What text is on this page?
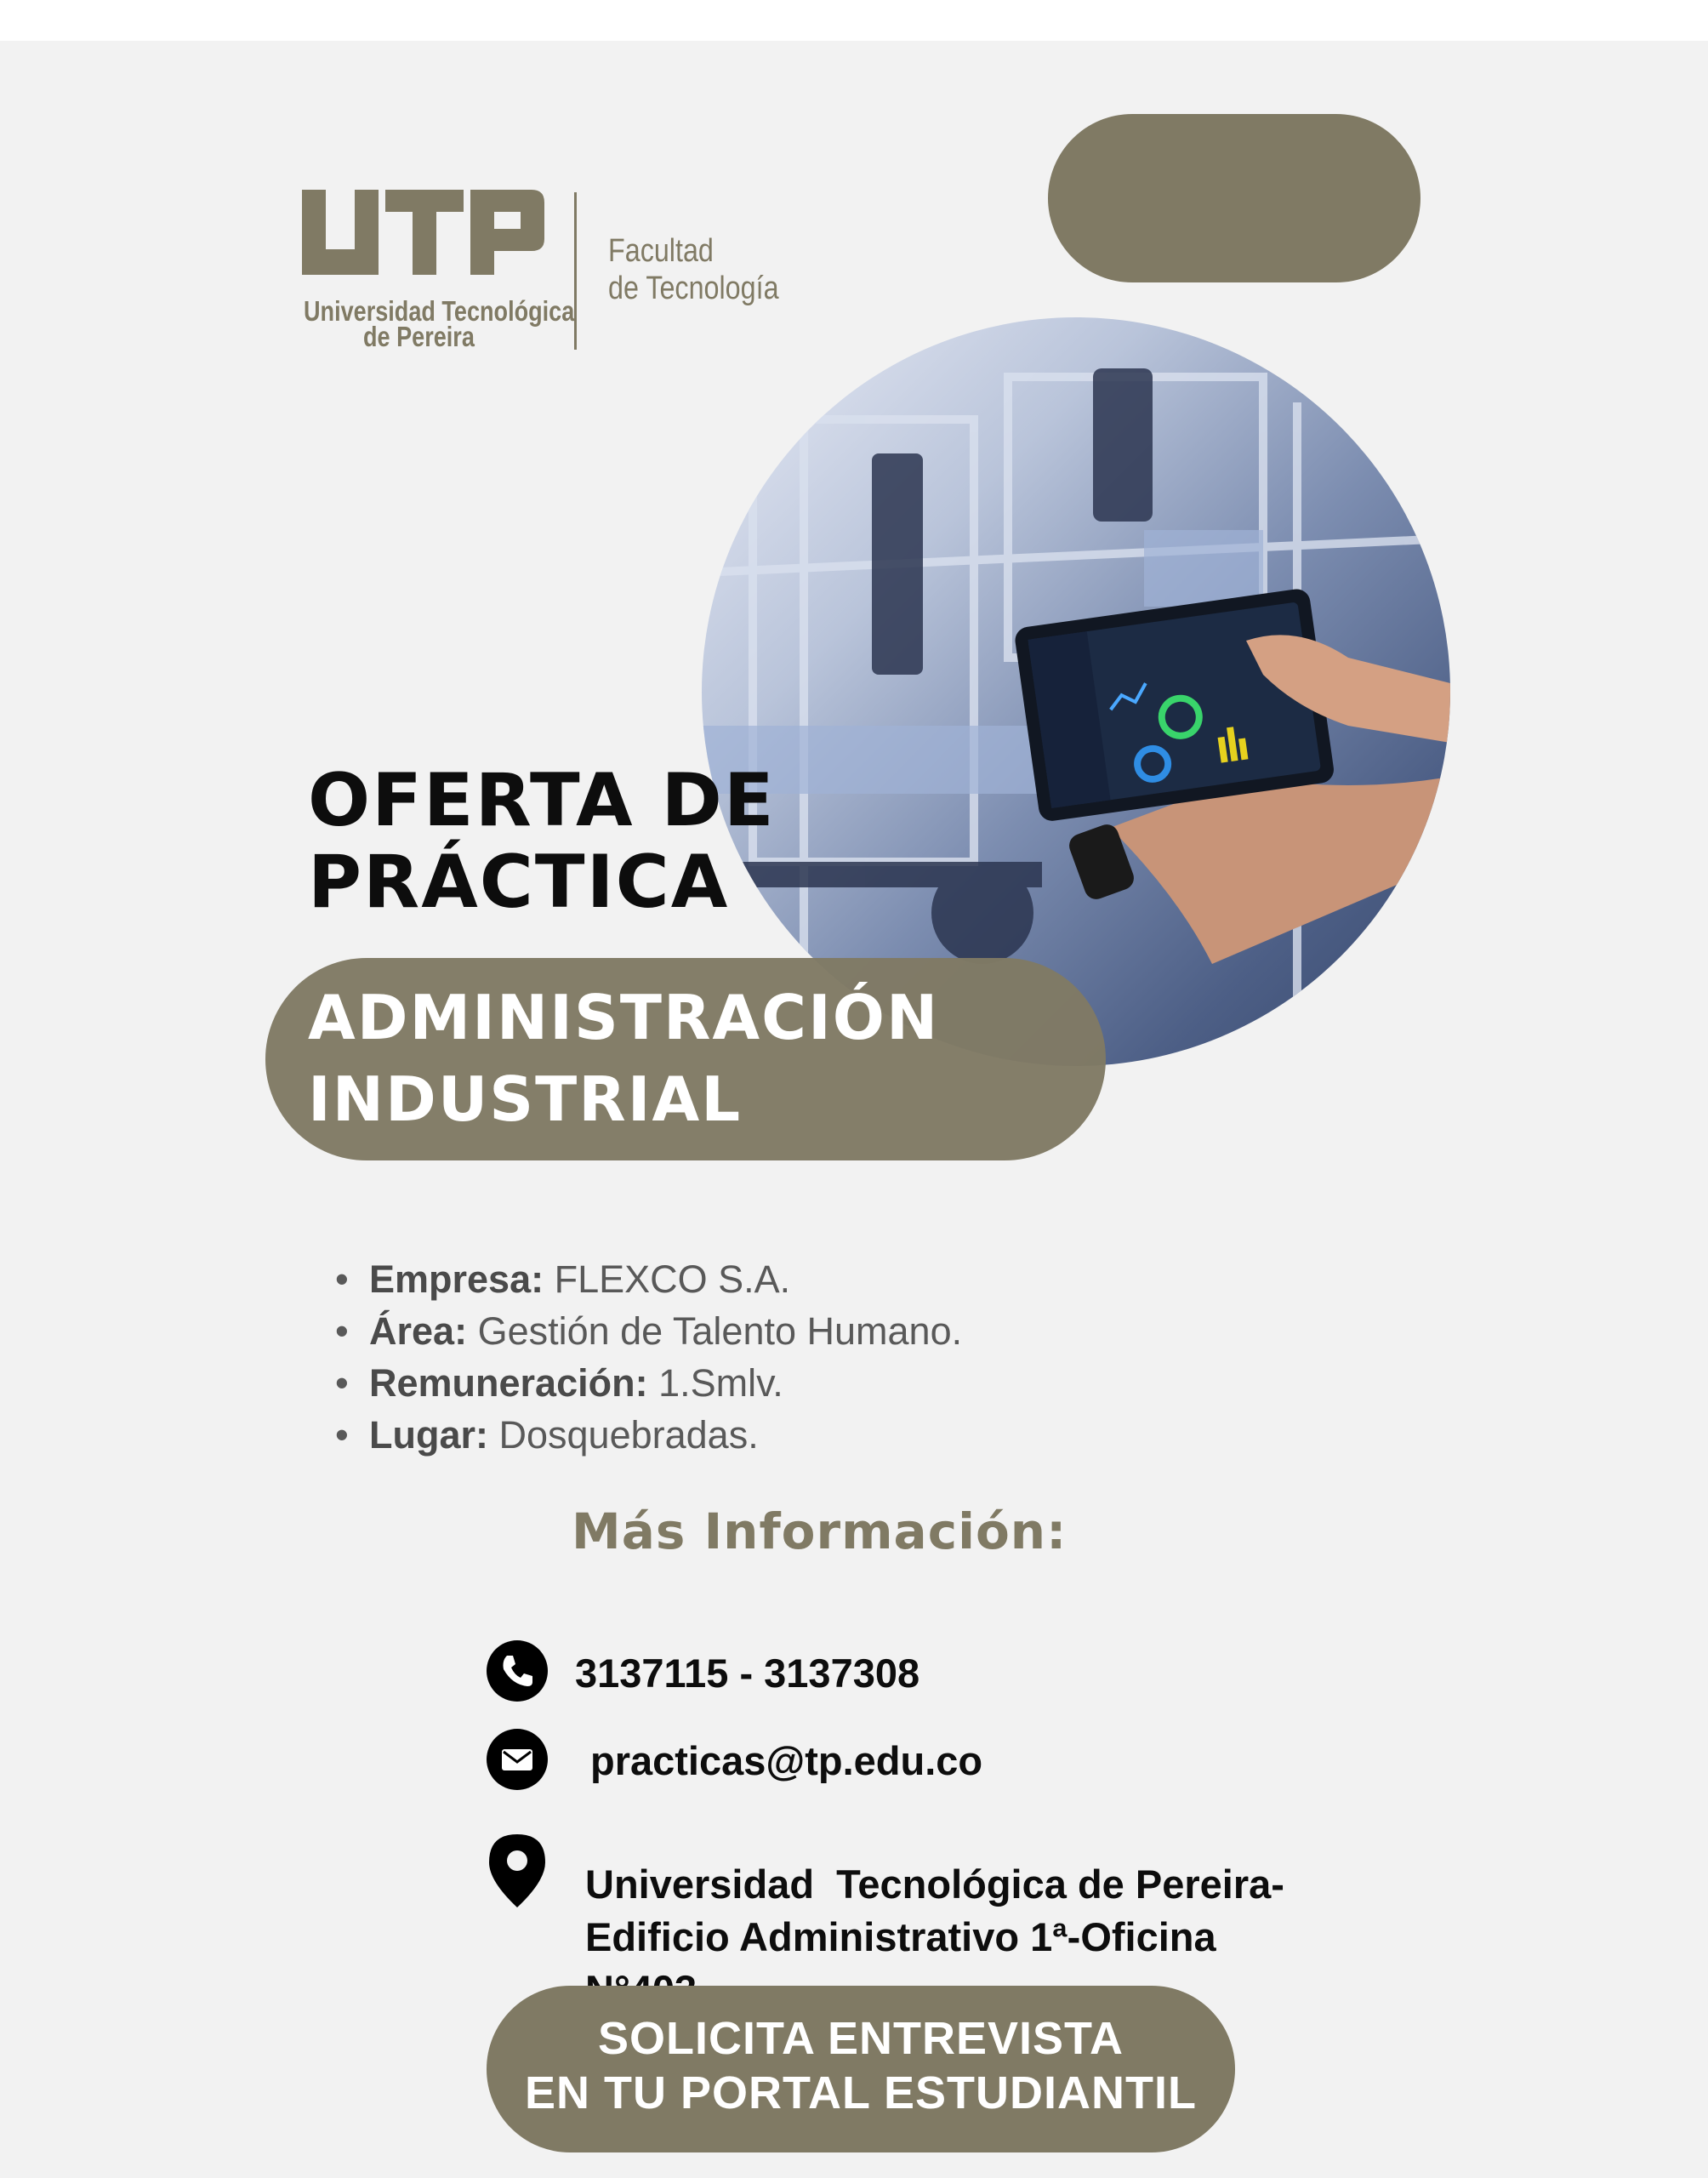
Universidad Tecnológica
de Pereira
Facultad
de Tecnología
OFERTA DE
PRÁCTICA
ADMINISTRACIÓN
INDUSTRIAL
• Empresa: FLEXCO S.A.
• Área: Gestión de Talento Humano.
• Remuneración: 1.Smlv.
• Lugar: Dosquebradas.
Más Información:
3137115 - 3137308
practicas@tp.edu.co
Universidad  Tecnológica de Pereira-
Edificio Administrativo 1ª-Oficina
SOLICITA ENTREVISTA
EN TU PORTAL ESTUDIANTIL
